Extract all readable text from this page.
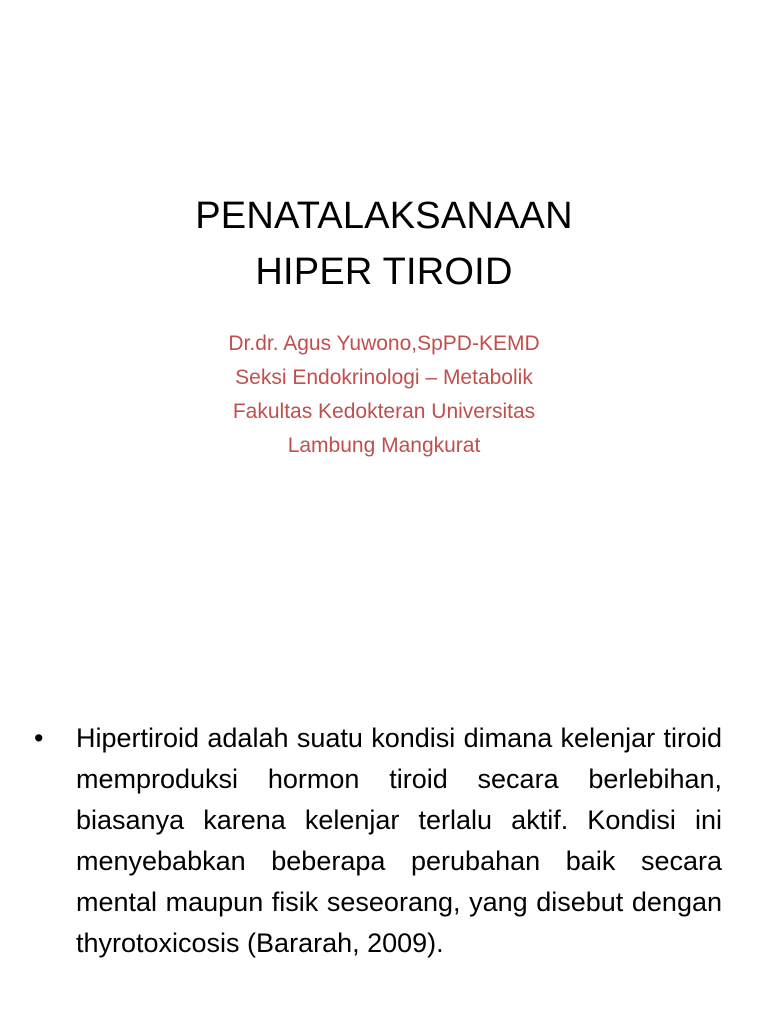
PENATALAKSANAAN
HIPER TIROID
Dr.dr. Agus Yuwono,SpPD-KEMD
Seksi Endokrinologi – Metabolik
Fakultas Kedokteran Universitas
Lambung Mangkurat
• Hipertiroid adalah suatu kondisi dimana kelenjar tiroid memproduksi hormon tiroid secara berlebihan, biasanya karena kelenjar terlalu aktif. Kondisi ini menyebabkan beberapa perubahan baik secara mental maupun fisik seseorang, yang disebut dengan thyrotoxicosis (Bararah, 2009).
